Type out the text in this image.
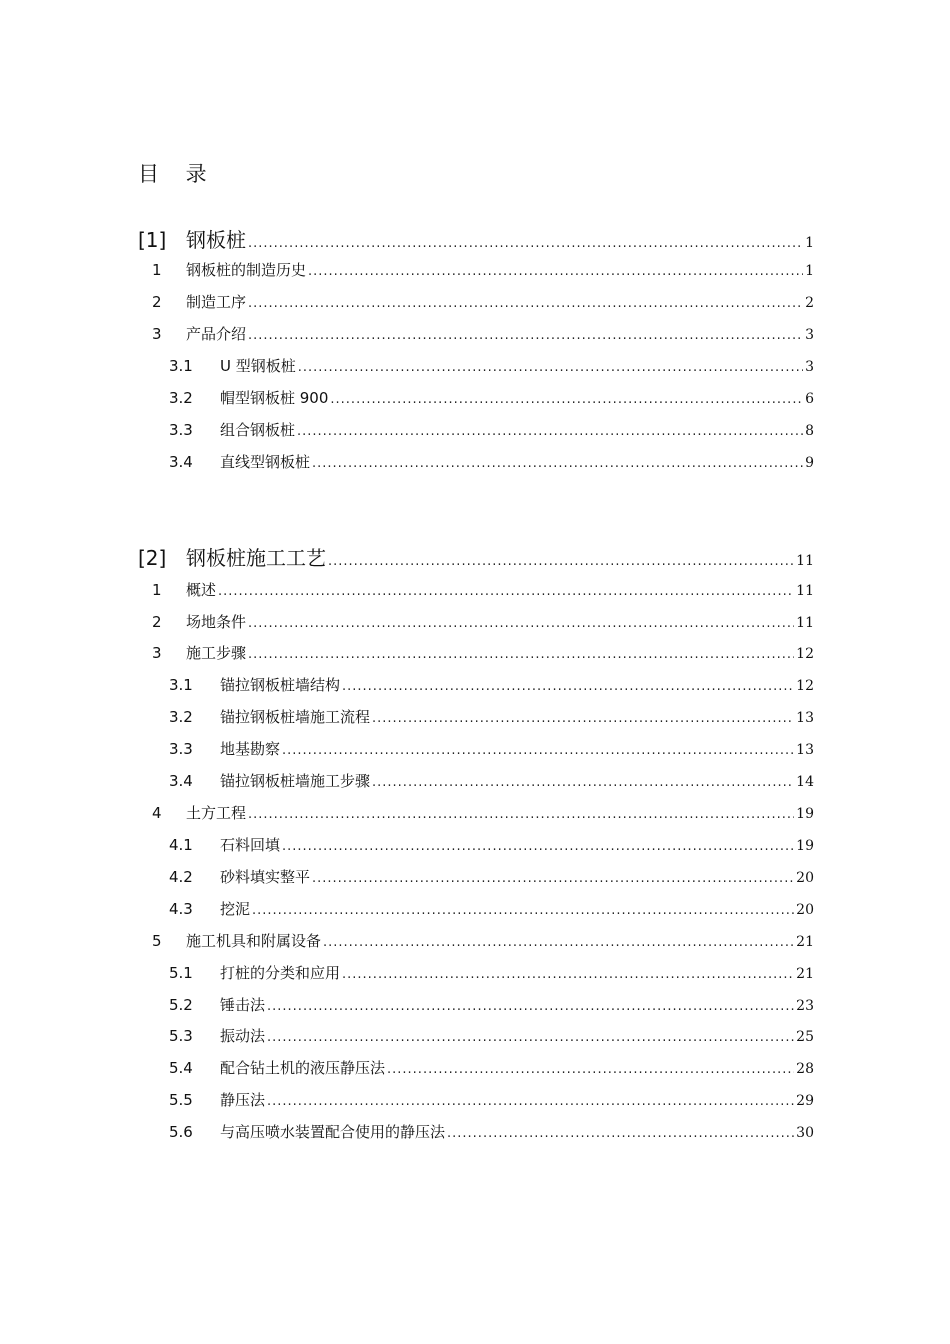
目 录
[1] 钢板桩 .....	1
1 钢板桩的制造历史 .....	1
2 制造工序 .....	2
3 产品介绍 .....	3
3.1 U 型钢板桩 .....	3
3.2 帽型钢板桩 900 .....	6
3.3 组合钢板桩 .....	8
3.4 直线型钢板桩 .....	9
[2] 钢板桩施工工艺 .....	11
1 概述 .....	11
2 场地条件 .....	11
3 施工步骤 .....	12
3.1 锚拉钢板桩墙结构 .....	12
3.2 锚拉钢板桩墙施工流程 .....	13
3.3 地基勘察 .....	13
3.4 锚拉钢板桩墙施工步骤 .....	14
4 土方工程 .....	19
4.1 石料回填 .....	19
4.2 砂料填实整平 .....	20
4.3 挖泥 .....	20
5 施工机具和附属设备 .....	21
5.1 打桩的分类和应用 .....	21
5.2 锤击法 .....	23
5.3 振动法 .....	25
5.4 配合钻土机的液压静压法 .....	28
5.5 静压法 .....	29
5.6 与高压喷水装置配合使用的静压法 .....	30
